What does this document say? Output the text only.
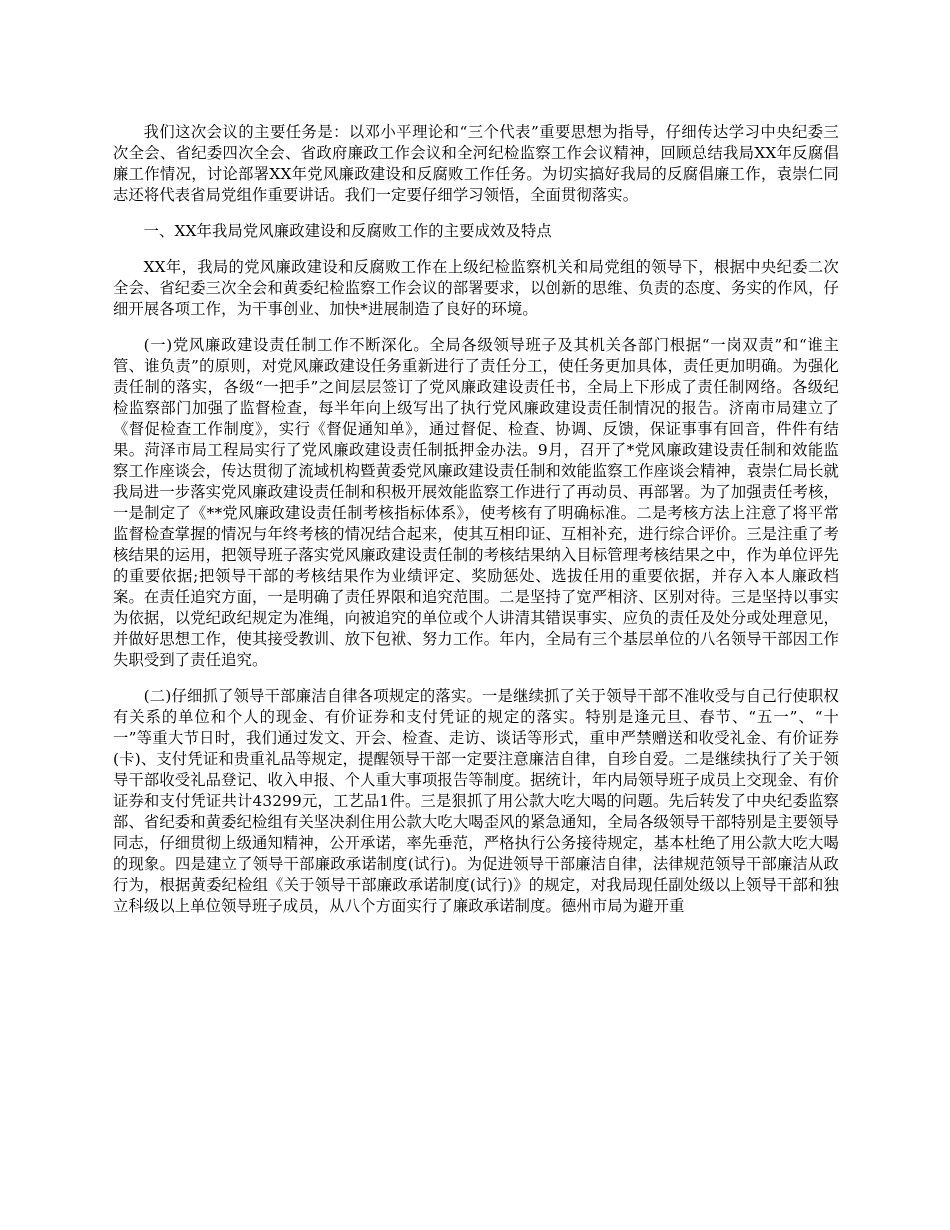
我们这次会议的主要任务是：以邓小平理论和“三个代表”重要思想为指导，仔细传达学习中央纪委三次全会、省纪委四次全会、省政府廉政工作会议和全河纪检监察工作会议精神，回顾总结我局XX年反腐倡廉工作情况，讨论部署XX年党风廉政建设和反腐败工作任务。为切实搞好我局的反腐倡廉工作，袁崇仁同志还将代表省局党组作重要讲话。我们一定要仔细学习领悟，全面贯彻落实。

一、XX年我局党风廉政建设和反腐败工作的主要成效及特点

XX年，我局的党风廉政建设和反腐败工作在上级纪检监察机关和局党组的领导下，根据中央纪委二次全会、省纪委三次全会和黄委纪检监察工作会议的部署要求，以创新的思维、负责的态度、务实的作风，仔细开展各项工作，为干事创业、加快*进展制造了良好的环境。

(一)党风廉政建设责任制工作不断深化。全局各级领导班子及其机关各部门根据“一岗双责”和“谁主管、谁负责”的原则，对党风廉政建设任务重新进行了责任分工，使任务更加具体，责任更加明确。为强化责任制的落实，各级“一把手”之间层层签订了党风廉政建设责任书，全局上下形成了责任制网络。各级纪检监察部门加强了监督检查，每半年向上级写出了执行党风廉政建设责任制情况的报告。济南市局建立了《督促检查工作制度》，实行《督促通知单》，通过督促、检查、协调、反馈，保证事事有回音，件件有结果。菏泽市局工程局实行了党风廉政建设责任制抵押金办法。9月，召开了*党风廉政建设责任制和效能监察工作座谈会，传达贯彻了流域机构暨黄委党风廉政建设责任制和效能监察工作座谈会精神，袁崇仁局长就我局进一步落实党风廉政建设责任制和积极开展效能监察工作进行了再动员、再部署。为了加强责任考核，一是制定了《**党风廉政建设责任制考核指标体系》，使考核有了明确标准。二是考核方法上注意了将平常监督检查掌握的情况与年终考核的情况结合起来，使其互相印证、互相补充，进行综合评价。三是注重了考核结果的运用，把领导班子落实党风廉政建设责任制的考核结果纳入目标管理考核结果之中，作为单位评先的重要依据;把领导干部的考核结果作为业绩评定、奖励惩处、选拔任用的重要依据，并存入本人廉政档案。在责任追究方面，一是明确了责任界限和追究范围。二是坚持了宽严相济、区别对待。三是坚持以事实为依据，以党纪政纪规定为准绳，向被追究的单位或个人讲清其错误事实、应负的责任及处分或处理意见，并做好思想工作，使其接受教训、放下包袱、努力工作。年内，全局有三个基层单位的八名领导干部因工作失职受到了责任追究。

(二)仔细抓了领导干部廉洁自律各项规定的落实。一是继续抓了关于领导干部不准收受与自己行使职权有关系的单位和个人的现金、有价证券和支付凭证的规定的落实。特别是逢元旦、春节、“五一”、“十一”等重大节日时，我们通过发文、开会、检查、走访、谈话等形式，重申严禁赠送和收受礼金、有价证券(卡)、支付凭证和贵重礼品等规定，提醒领导干部一定要注意廉洁自律，自珍自爱。二是继续执行了关于领导干部收受礼品登记、收入申报、个人重大事项报告等制度。据统计，年内局领导班子成员上交现金、有价证券和支付凭证共计43299元，工艺品1件。三是狠抓了用公款大吃大喝的问题。先后转发了中央纪委监察部、省纪委和黄委纪检组有关坚决刹住用公款大吃大喝歪风的紧急通知，全局各级领导干部特别是主要领导同志，仔细贯彻上级通知精神，公开承诺，率先垂范，严格执行公务接待规定，基本杜绝了用公款大吃大喝的现象。四是建立了领导干部廉政承诺制度(试行)。为促进领导干部廉洁自律，法律规范领导干部廉洁从政行为，根据黄委纪检组《关于领导干部廉政承诺制度(试行)》的规定，对我局现任副处级以上领导干部和独立科级以上单位领导班子成员，从八个方面实行了廉政承诺制度。德州市局为避开重
